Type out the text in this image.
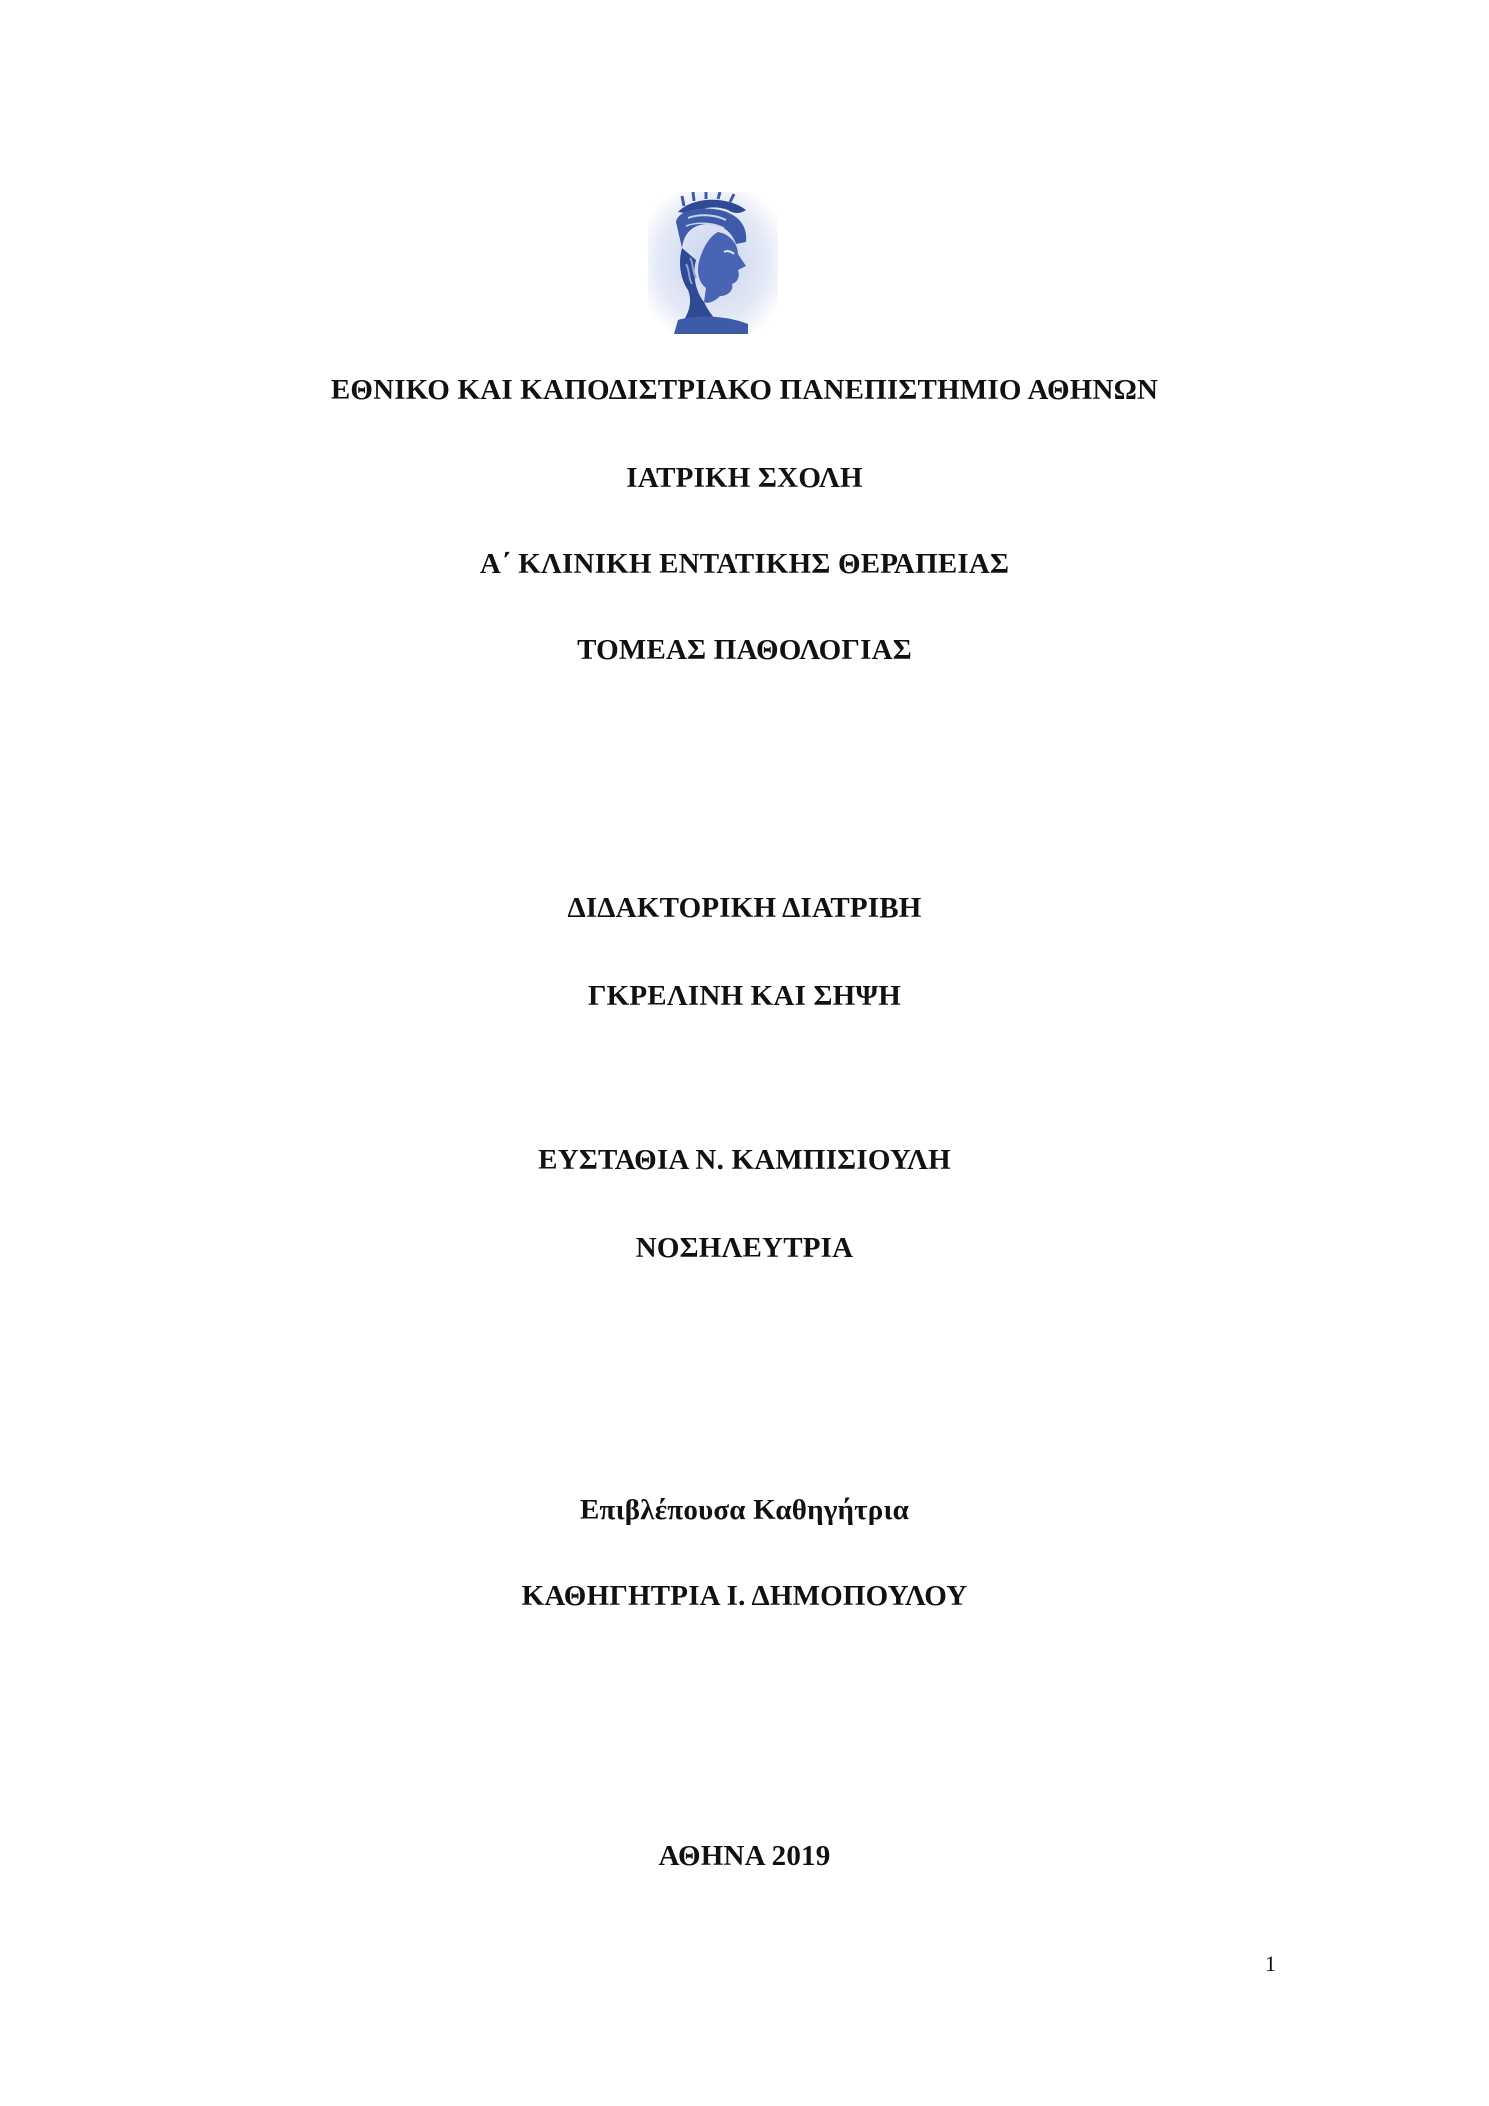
ΕΘΝΙΚΟ ΚΑΙ ΚΑΠΟΔΙΣΤΡΙΑΚΟ ΠΑΝΕΠΙΣΤΗΜΙΟ ΑΘΗΝΩΝ
ΙΑΤΡΙΚΗ ΣΧΟΛΗ
Α΄ ΚΛΙΝΙΚΗ ΕΝΤΑΤΙΚΗΣ ΘΕΡΑΠΕΙΑΣ
ΤΟΜΕΑΣ ΠΑΘΟΛΟΓΙΑΣ
ΔΙΔΑΚΤΟΡΙΚΗ ΔΙΑΤΡΙΒΗ
ΓΚΡΕΛΙΝΗ ΚΑΙ ΣΗΨΗ
ΕΥΣΤΑΘΙΑ Ν. ΚΑΜΠΙΣΙΟΥΛΗ
ΝΟΣΗΛΕΥΤΡΙΑ
Επιβλέπουσα Καθηγήτρια
ΚΑΘΗΓΗΤΡΙΑ Ι. ΔΗΜΟΠΟΥΛΟΥ
ΑΘΗΝΑ 2019
1
